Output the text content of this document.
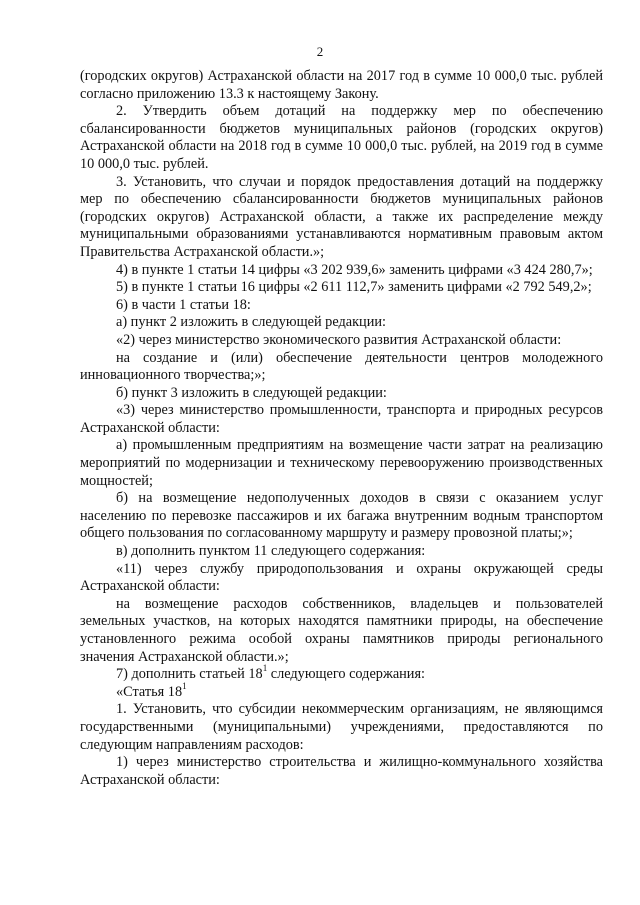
2

(городских округов) Астраханской области на 2017 год в сумме 10 000,0 тыс. рублей согласно приложению 13.3 к настоящему Закону.

2. Утвердить объем дотаций на поддержку мер по обеспечению сбалансированности бюджетов муниципальных районов (городских округов) Астраханской области на 2018 год в сумме 10 000,0 тыс. рублей, на 2019 год в сумме 10 000,0 тыс. рублей.

3. Установить, что случаи и порядок предоставления дотаций на поддержку мер по обеспечению сбалансированности бюджетов муниципальных районов (городских округов) Астраханской области, а также их распределение между муниципальными образованиями устанавливаются нормативным правовым актом Правительства Астраханской области.»;

4) в пункте 1 статьи 14 цифры «3 202 939,6» заменить цифрами «3 424 280,7»;

5) в пункте 1 статьи 16 цифры «2 611 112,7» заменить цифрами «2 792 549,2»;

6) в части 1 статьи 18:

а) пункт 2 изложить в следующей редакции:

«2) через министерство экономического развития Астраханской области:

на создание и (или) обеспечение деятельности центров молодежного инновационного творчества;»;

б) пункт 3 изложить в следующей редакции:

«3) через министерство промышленности, транспорта и природных ресурсов Астраханской области:

а) промышленным предприятиям на возмещение части затрат на реализацию мероприятий по модернизации и техническому перевооружению производственных мощностей;

б) на возмещение недополученных доходов в связи с оказанием услуг населению по перевозке пассажиров и их багажа внутренним водным транспортом общего пользования по согласованному маршруту и размеру провозной платы;»;

в) дополнить пунктом 11 следующего содержания:

«11) через службу природопользования и охраны окружающей среды Астраханской области:

на возмещение расходов собственников, владельцев и пользователей земельных участков, на которых находятся памятники природы, на обеспечение установленного режима особой охраны памятников природы регионального значения Астраханской области.»;

7) дополнить статьей $18^1$ следующего содержания:

«Статья $18^1$

1. Установить, что субсидии некоммерческим организациям, не являющимся государственными (муниципальными) учреждениями, предоставляются по следующим направлениям расходов:

1) через министерство строительства и жилищно-коммунального хозяйства Астраханской области:
